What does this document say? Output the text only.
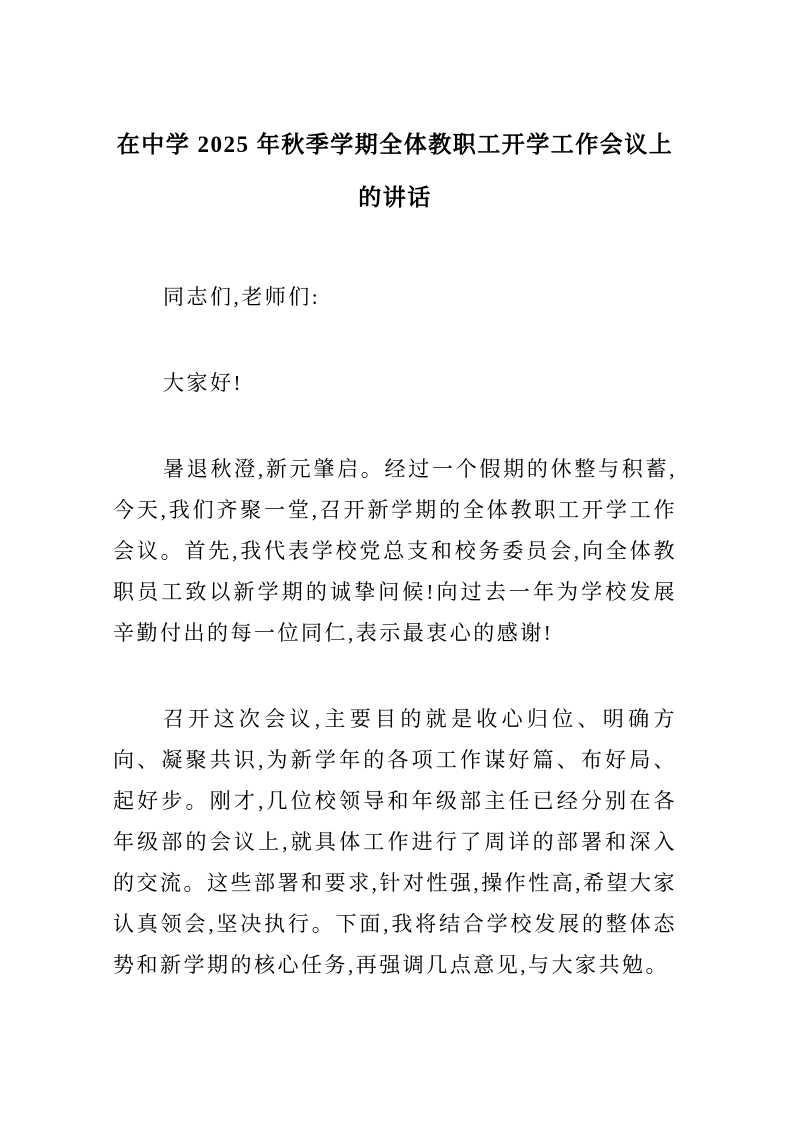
在中学 2025 年秋季学期全体教职工开学工作会议上
的讲话

同志们,老师们:

大家好!

暑退秋澄,新元肇启。经过一个假期的休整与积蓄,今天,我们齐聚一堂,召开新学期的全体教职工开学工作会议。首先,我代表学校党总支和校务委员会,向全体教职员工致以新学期的诚挚问候!向过去一年为学校发展辛勤付出的每一位同仁,表示最衷心的感谢!

召开这次会议,主要目的就是收心归位、明确方向、凝聚共识,为新学年的各项工作谋好篇、布好局、起好步。刚才,几位校领导和年级部主任已经分别在各年级部的会议上,就具体工作进行了周详的部署和深入的交流。这些部署和要求,针对性强,操作性高,希望大家认真领会,坚决执行。下面,我将结合学校发展的整体态势和新学期的核心任务,再强调几点意见,与大家共勉。
